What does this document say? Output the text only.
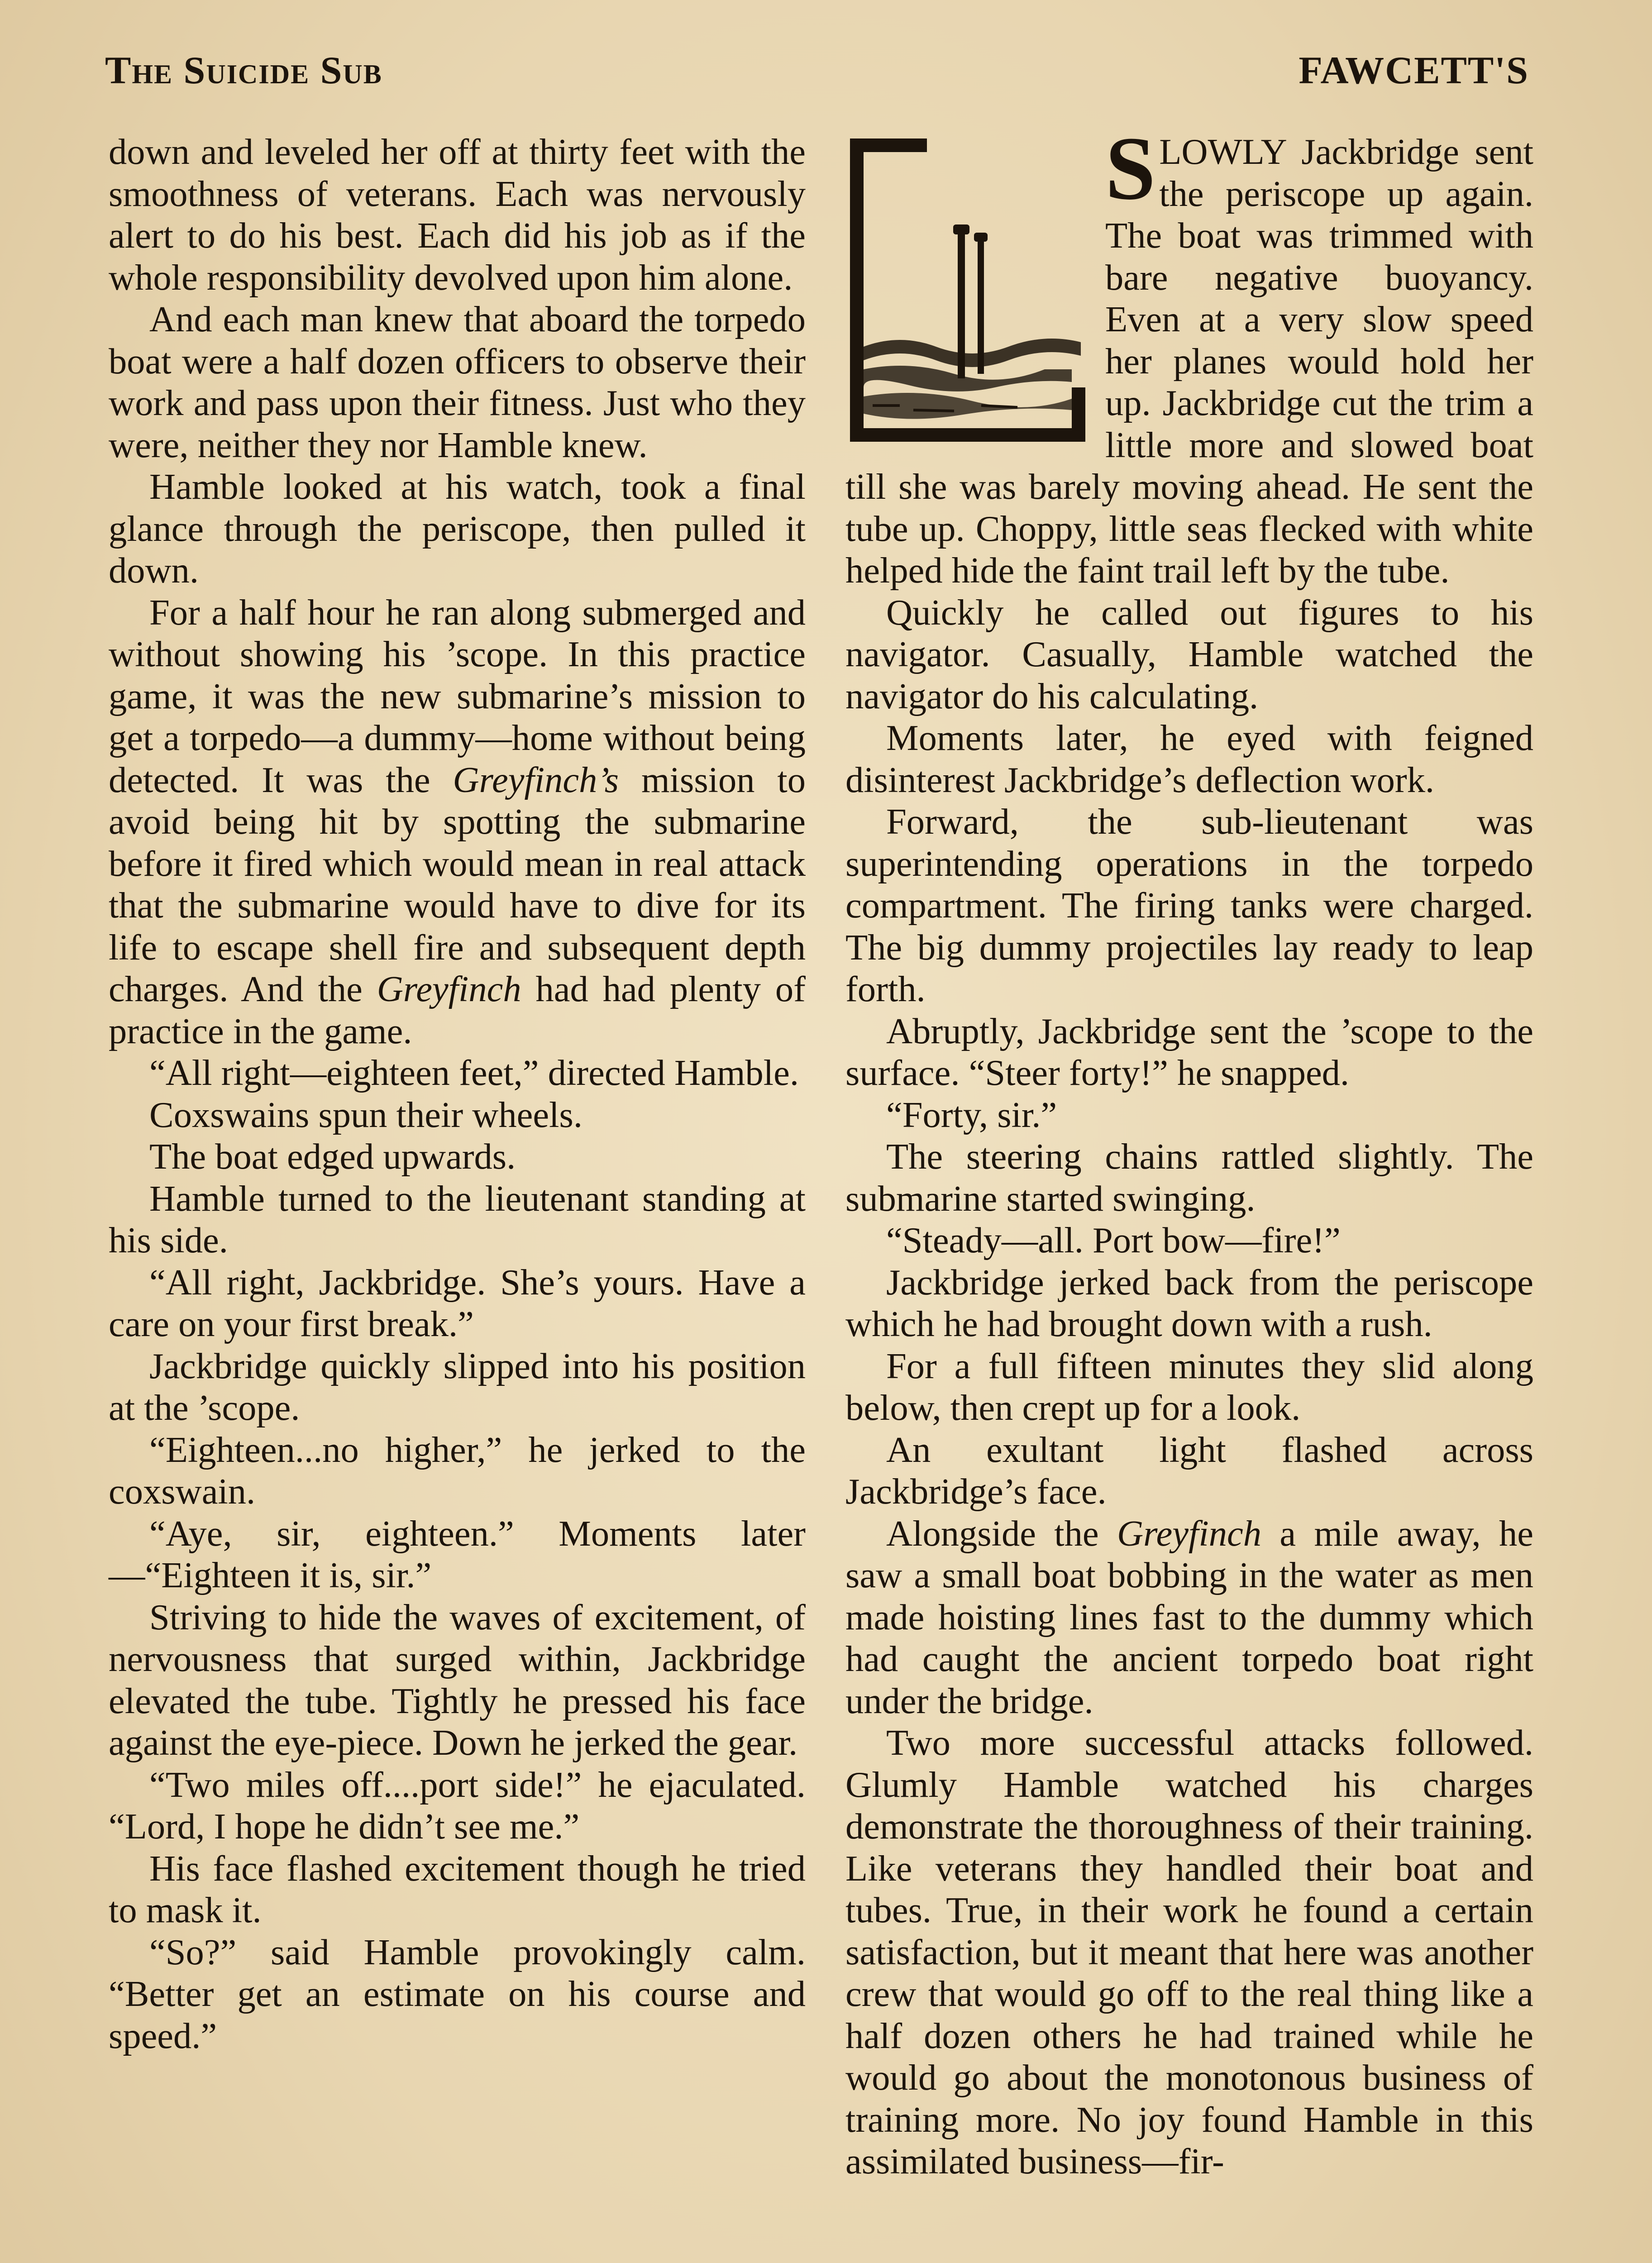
The Suicide Sub	FAWCETT'S

down and leveled her off at thirty feet with the smoothness of veterans. Each was nervously alert to do his best. Each did his job as if the whole responsibility devolved upon him alone.

And each man knew that aboard the torpedo boat were a half dozen officers to observe their work and pass upon their fitness. Just who they were, neither they nor Hamble knew.

Hamble looked at his watch, took a final glance through the periscope, then pulled it down.

For a half hour he ran along submerged and without showing his ’scope. In this practice game, it was the new submarine’s mission to get a torpedo—a dummy—home without being detected. It was the Greyfinch’s mission to avoid being hit by spotting the submarine before it fired which would mean in real attack that the submarine would have to dive for its life to escape shell fire and subsequent depth charges. And the Greyfinch had had plenty of practice in the game.

“All right—eighteen feet,” directed Hamble.

Coxswains spun their wheels.

The boat edged upwards.

Hamble turned to the lieutenant standing at his side.

“All right, Jackbridge. She’s yours. Have a care on your first break.”

Jackbridge quickly slipped into his position at the ’scope.

“Eighteen...no higher,” he jerked to the coxswain.

“Aye, sir, eighteen.” Moments later —“Eighteen it is, sir.”

Striving to hide the waves of excitement, of nervousness that surged within, Jackbridge elevated the tube. Tightly he pressed his face against the eye-piece. Down he jerked the gear.

“Two miles off....port side!” he ejaculated. “Lord, I hope he didn’t see me.”

His face flashed excitement though he tried to mask it.

“So?” said Hamble provokingly calm. “Better get an estimate on his course and speed.”

SLOWLY Jackbridge sent the periscope up again. The boat was trimmed with bare negative buoyancy. Even at a very slow speed her planes would hold her up. Jackbridge cut the trim a little more and slowed boat till she was barely moving ahead. He sent the tube up. Choppy, little seas flecked with white helped hide the faint trail left by the tube.

Quickly he called out figures to his navigator. Casually, Hamble watched the navigator do his calculating.

Moments later, he eyed with feigned disinterest Jackbridge’s deflection work.

Forward, the sub-lieutenant was superintending operations in the torpedo compartment. The firing tanks were charged. The big dummy projectiles lay ready to leap forth.

Abruptly, Jackbridge sent the ’scope to the surface. “Steer forty!” he snapped.

“Forty, sir.”

The steering chains rattled slightly. The submarine started swinging.

“Steady—all. Port bow—fire!”

Jackbridge jerked back from the periscope which he had brought down with a rush.

For a full fifteen minutes they slid along below, then crept up for a look.

An exultant light flashed across Jackbridge’s face.

Alongside the Greyfinch a mile away, he saw a small boat bobbing in the water as men made hoisting lines fast to the dummy which had caught the ancient torpedo boat right under the bridge.

Two more successful attacks followed. Glumly Hamble watched his charges demonstrate the thoroughness of their training. Like veterans they handled their boat and tubes. True, in their work he found a certain satisfaction, but it meant that here was another crew that would go off to the real thing like a half dozen others he had trained while he would go about the monotonous business of training more. No joy found Hamble in this assimilated business—fir-
